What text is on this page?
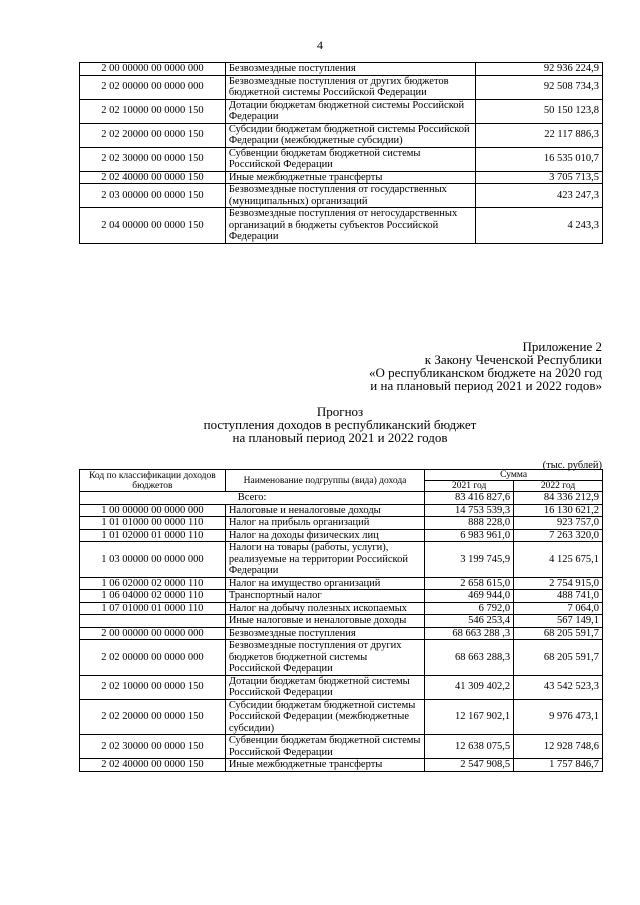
4
2 00 00000 00 0000 000	Безвозмездные поступления	92 936 224,9
2 02 00000 00 0000 000	Безвозмездные поступления от других бюджетов бюджетной системы Российской Федерации	92 508 734,3
2 02 10000 00 0000 150	Дотации бюджетам бюджетной системы Российской Федерации	50 150 123,8
2 02 20000 00 0000 150	Субсидии бюджетам бюджетной системы Российской Федерации (межбюджетные субсидии)	22 117 886,3
2 02 30000 00 0000 150	Субвенции бюджетам бюджетной системы Российской Федерации	16 535 010,7
2 02 40000 00 0000 150	Иные межбюджетные трансферты	3 705 713,5
2 03 00000 00 0000 150	Безвозмездные поступления от государственных (муниципальных) организаций	423 247,3
2 04 00000 00 0000 150	Безвозмездные поступления от негосударственных организаций в бюджеты субъектов Российской Федерации	4 243,3
Приложение 2
к Закону Чеченской Республики
«О республиканском бюджете на 2020 год
и на плановый период 2021 и 2022 годов»
Прогноз
поступления доходов в республиканский бюджет
на плановый период 2021 и 2022 годов
(тыс. рублей)
Код по классификации доходов бюджетов	Наименование подгруппы (вида) дохода	Сумма	
		2021 год	2022 год
Всего:		83 416 827,6	84 336 212,9
1 00 00000 00 0000 000	Налоговые и неналоговые доходы	14 753 539,3	16 130 621,2
1 01 01000 00 0000 110	Налог на прибыль организаций	888 228,0	923 757,0
1 01 02000 01 0000 110	Налог на доходы физических лиц	6 983 961,0	7 263 320,0
1 03 00000 00 0000 000	Налоги на товары (работы, услуги), реализуемые на территории Российской Федерации	3 199 745,9	4 125 675,1
1 06 02000 02 0000 110	Налог на имущество организаций	2 658 615,0	2 754 915,0
1 06 04000 02 0000 110	Транспортный налог	469 944,0	488 741,0
1 07 01000 01 0000 110	Налог на добычу полезных ископаемых	6 792,0	7 064,0
	Иные налоговые и неналоговые доходы	546 253,4	567 149,1
2 00 00000 00 0000 000	Безвозмездные поступления	68 663 288 ,3	68 205 591,7
2 02 00000 00 0000 000	Безвозмездные поступления от других бюджетов бюджетной системы Российской Федерации	68 663 288,3	68 205 591,7
2 02 10000 00 0000 150	Дотации бюджетам бюджетной системы Российской Федерации	41 309 402,2	43 542 523,3
2 02 20000 00 0000 150	Субсидии бюджетам бюджетной системы Российской Федерации (межбюджетные субсидии)	12 167 902,1	9 976 473,1
2 02 30000 00 0000 150	Субвенции бюджетам бюджетной системы Российской Федерации	12 638 075,5	12 928 748,6
2 02 40000 00 0000 150	Иные межбюджетные трансферты	2 547 908,5	1 757 846,7
